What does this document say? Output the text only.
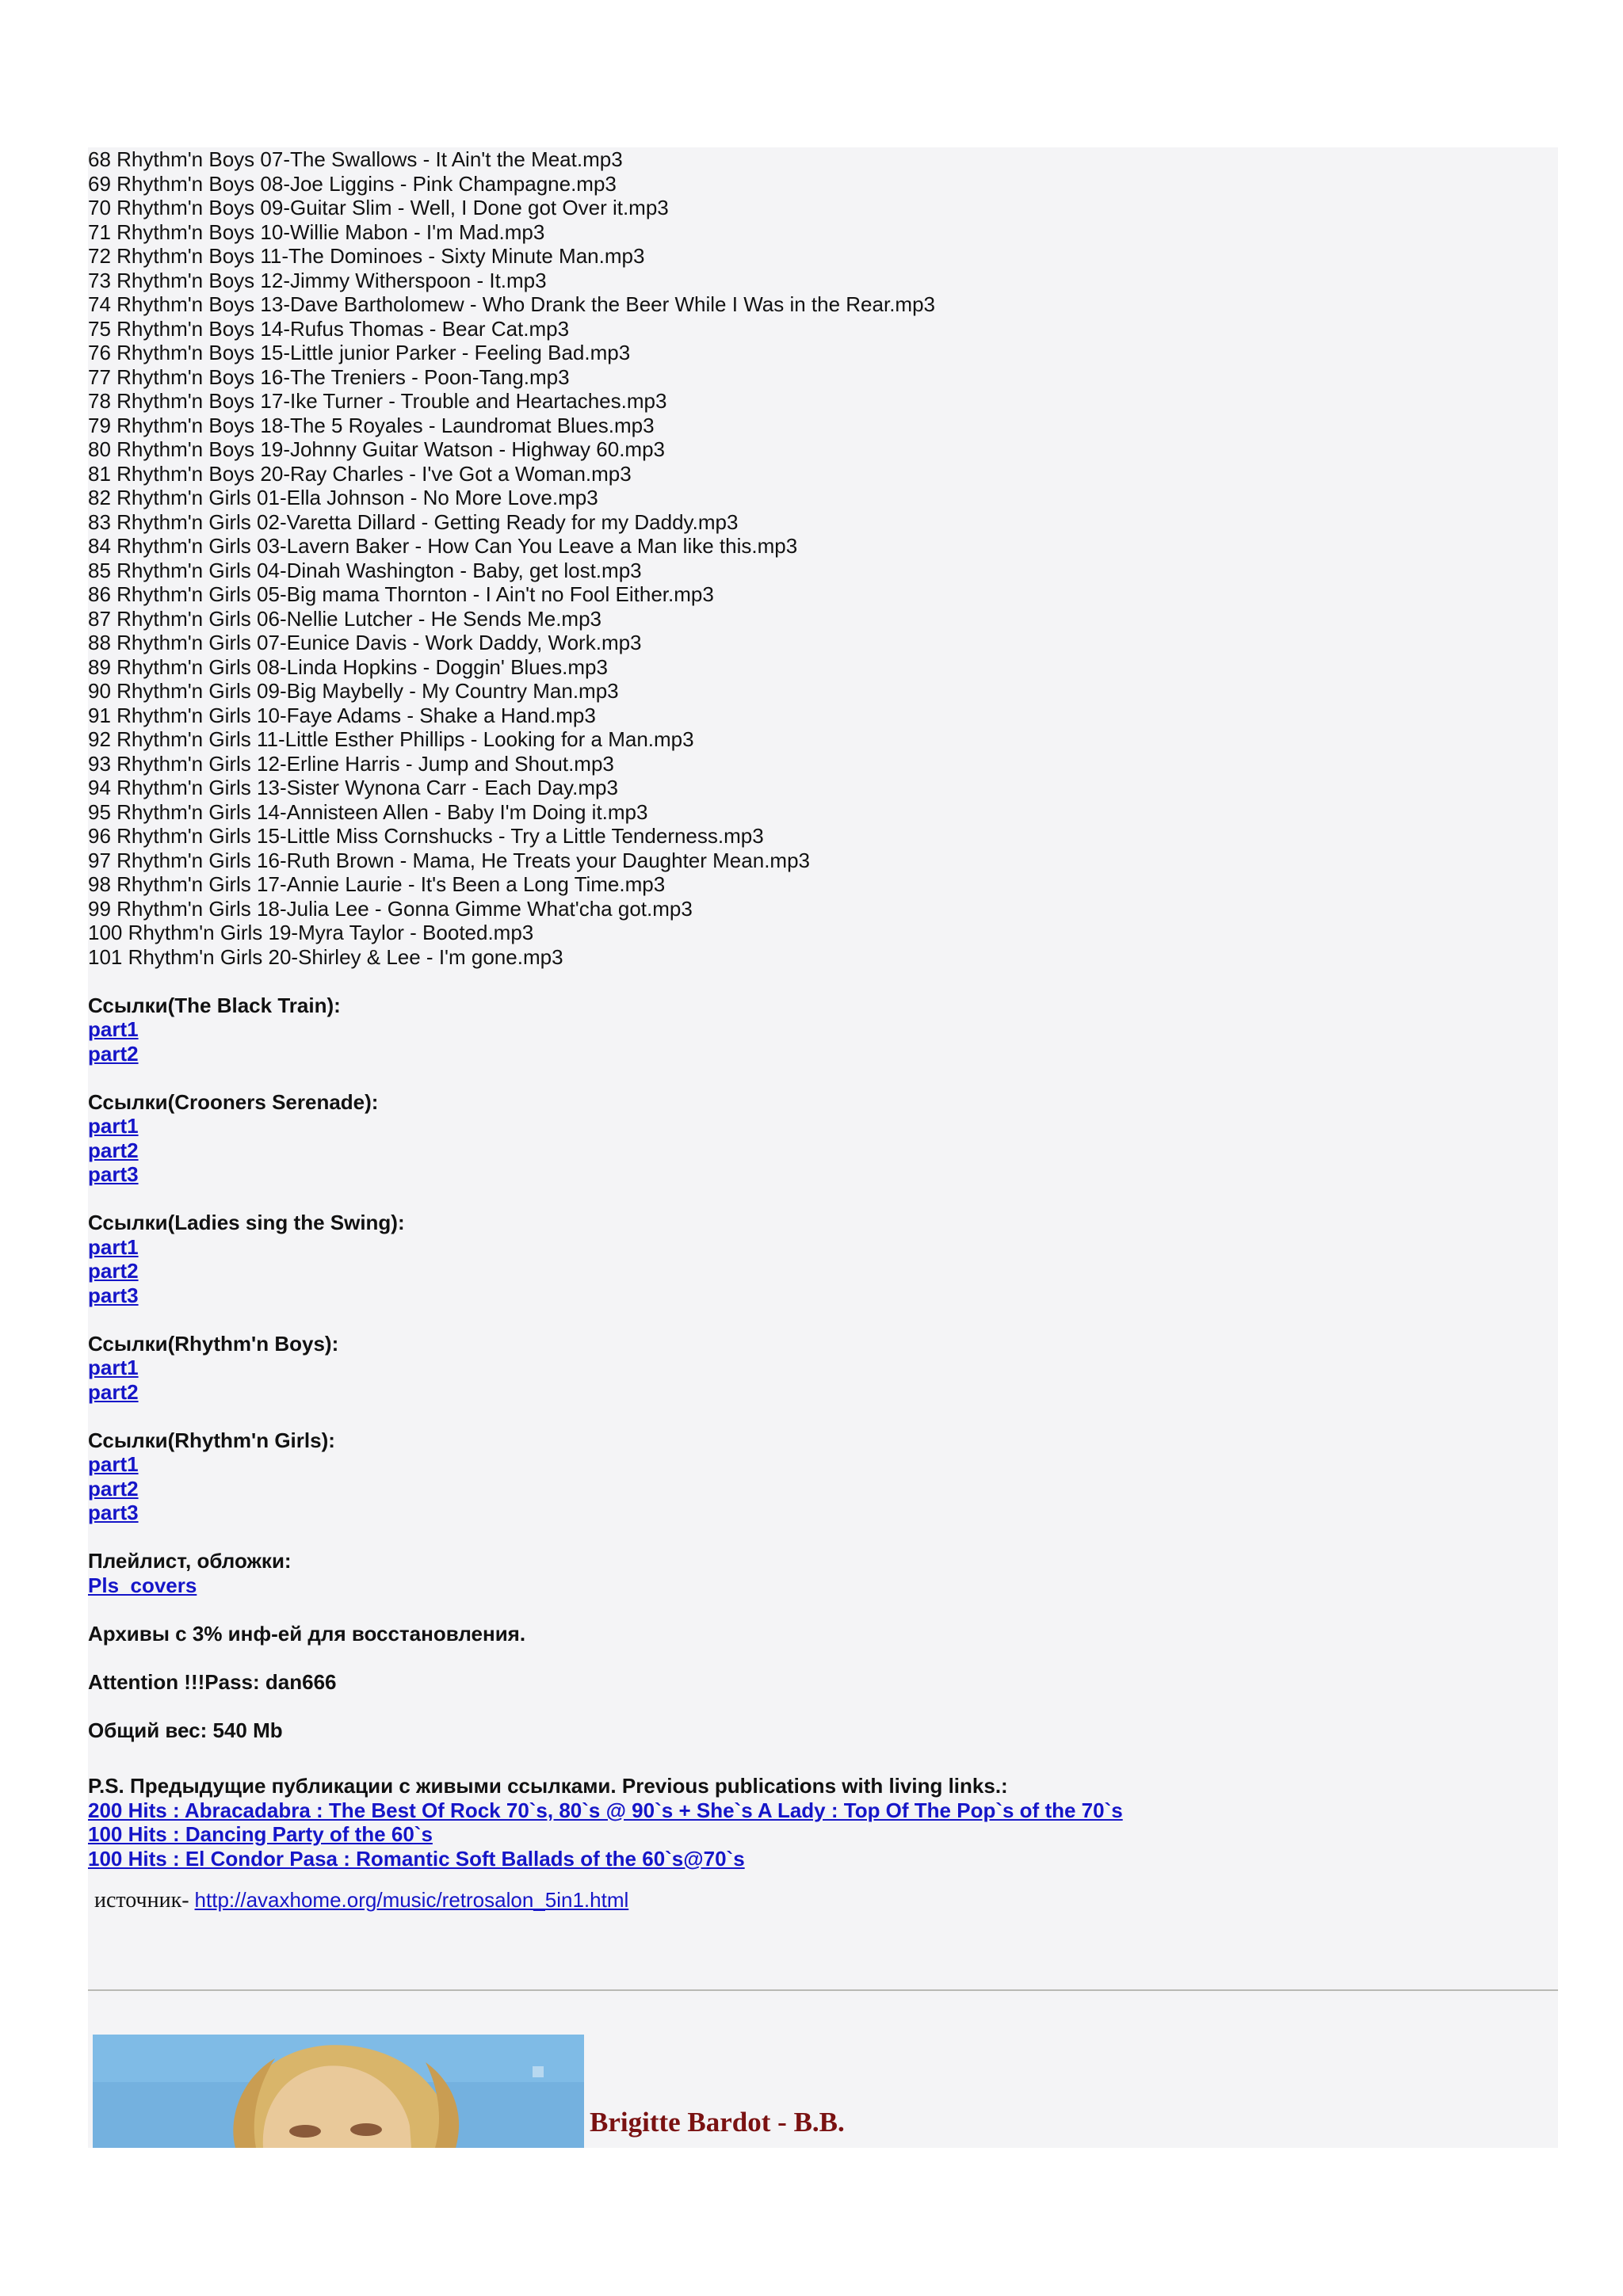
68 Rhythm'n Boys 07-The Swallows - It Ain't the Meat.mp3
69 Rhythm'n Boys 08-Joe Liggins - Pink Champagne.mp3
70 Rhythm'n Boys 09-Guitar Slim - Well, I Done got Over it.mp3
71 Rhythm'n Boys 10-Willie Mabon - I'm Mad.mp3
72 Rhythm'n Boys 11-The Dominoes - Sixty Minute Man.mp3
73 Rhythm'n Boys 12-Jimmy Witherspoon - It.mp3
74 Rhythm'n Boys 13-Dave Bartholomew - Who Drank the Beer While I Was in the Rear.mp3
75 Rhythm'n Boys 14-Rufus Thomas - Bear Cat.mp3
76 Rhythm'n Boys 15-Little junior Parker - Feeling Bad.mp3
77 Rhythm'n Boys 16-The Treniers - Poon-Tang.mp3
78 Rhythm'n Boys 17-Ike Turner - Trouble and Heartaches.mp3
79 Rhythm'n Boys 18-The 5 Royales - Laundromat Blues.mp3
80 Rhythm'n Boys 19-Johnny Guitar Watson - Highway 60.mp3
81 Rhythm'n Boys 20-Ray Charles - I've Got a Woman.mp3
82 Rhythm'n Girls 01-Ella Johnson - No More Love.mp3
83 Rhythm'n Girls 02-Varetta Dillard - Getting Ready for my Daddy.mp3
84 Rhythm'n Girls 03-Lavern Baker - How Can You Leave a Man like this.mp3
85 Rhythm'n Girls 04-Dinah Washington - Baby, get lost.mp3
86 Rhythm'n Girls 05-Big mama Thornton - I Ain't no Fool Either.mp3
87 Rhythm'n Girls 06-Nellie Lutcher - He Sends Me.mp3
88 Rhythm'n Girls 07-Eunice Davis - Work Daddy, Work.mp3
89 Rhythm'n Girls 08-Linda Hopkins - Doggin' Blues.mp3
90 Rhythm'n Girls 09-Big Maybelly - My Country Man.mp3
91 Rhythm'n Girls 10-Faye Adams - Shake a Hand.mp3
92 Rhythm'n Girls 11-Little Esther Phillips - Looking for a Man.mp3
93 Rhythm'n Girls 12-Erline Harris - Jump and Shout.mp3
94 Rhythm'n Girls 13-Sister Wynona Carr - Each Day.mp3
95 Rhythm'n Girls 14-Annisteen Allen - Baby I'm Doing it.mp3
96 Rhythm'n Girls 15-Little Miss Cornshucks - Try a Little Tenderness.mp3
97 Rhythm'n Girls 16-Ruth Brown - Mama, He Treats your Daughter Mean.mp3
98 Rhythm'n Girls 17-Annie Laurie - It's Been a Long Time.mp3
99 Rhythm'n Girls 18-Julia Lee - Gonna Gimme What'cha got.mp3
100 Rhythm'n Girls 19-Myra Taylor - Booted.mp3
101 Rhythm'n Girls 20-Shirley & Lee - I'm gone.mp3
Ссылки(The Black Train):
part1
part2
Ссылки(Crooners Serenade):
part1
part2
part3
Ссылки(Ladies sing the Swing):
part1
part2
part3
Ссылки(Rhythm'n Boys):
part1
part2
Ссылки(Rhythm'n Girls):
part1
part2
part3
Плейлист, обложки:
Pls_covers
Архивы с 3% инф-ей для восстановления.
Attention !!!Pass: dan666
Общий вес: 540 Mb
P.S. Предыдущие публикации с живыми ссылками. Previous publications with living links.:
200 Hits : Abracadabra : The Best Of Rock 70`s, 80`s @ 90`s + She`s A Lady : Top Of The Pop`s of the 70`s
100 Hits : Dancing Party of the 60`s
100 Hits : El Condor Pasa : Romantic Soft Ballads of the 60`s@70`s
источник- http://avaxhome.org/music/retrosalon_5in1.html
Brigitte Bardot - B.B.
